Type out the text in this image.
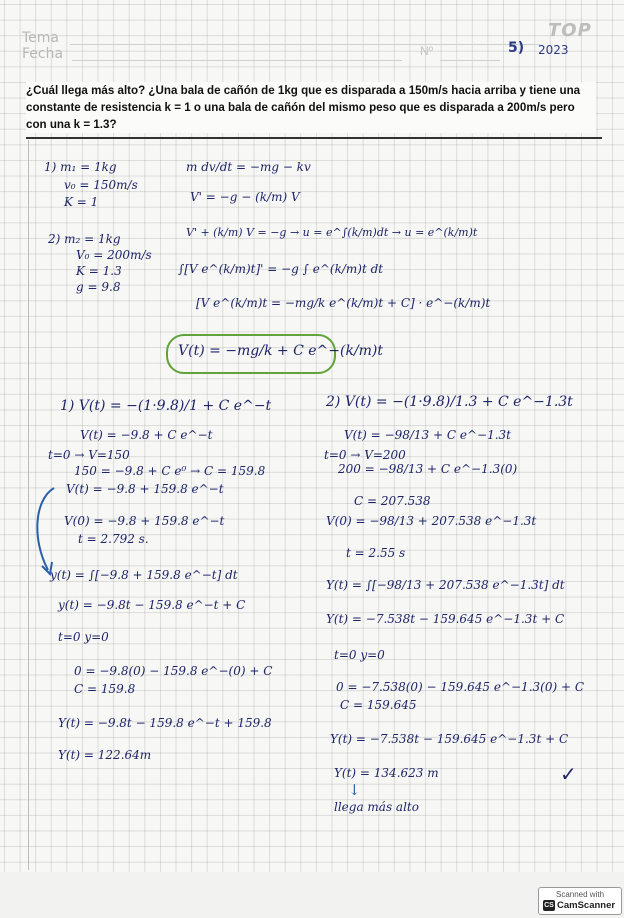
Tema
Fecha
TOP
Nº	5) 2023

¿Cuál llega más alto? ¿Una bala de cañón de 1kg que es disparada a 150m/s hacia arriba y tiene una constante de resistencia k = 1 o una bala de cañón del mismo peso que es disparada a 200m/s pero con una k = 1.3?

1) m₁ = 1kg
v₀ = 150m/s
K = 1
2) m₂ = 1kg
V₀ = 200m/s
K = 1.3
g = 9.8
m dv/dt = −mg − kv
V' = −g − (k/m) V
V' + (k/m) V = −g → u = e^∫(k/m)dt → u = e^(k/m)t
∫[V e^(k/m)t]' = −g ∫ e^(k/m)t dt
[V e^(k/m)t = −mg/k e^(k/m)t + C] · e^−(k/m)t
V(t) = −mg/k + C e^−(k/m)t
1) V(t) = −(1·9.8)/1 + C e^−t
V(t) = −9.8 + C e^−t
t=0 → V=150
150 = −9.8 + C e⁰ → C = 159.8
V(t) = −9.8 + 159.8 e^−t
V(0) = −9.8 + 159.8 e^−t
t = 2.792 s.
y(t) = ∫[−9.8 + 159.8 e^−t] dt
y(t) = −9.8t − 159.8 e^−t + C
t=0 y=0
0 = −9.8(0) − 159.8 e^−(0) + C
C = 159.8
Y(t) = −9.8t − 159.8 e^−t + 159.8
Y(t) = 122.64m
2) V(t) = −(1·9.8)/1.3 + C e^−1.3t
V(t) = −98/13 + C e^−1.3t
t=0 → V=200
200 = −98/13 + C e^−1.3(0)
C = 207.538
V(0) = −98/13 + 207.538 e^−1.3t
t = 2.55 s
Y(t) = ∫[−98/13 + 207.538 e^−1.3t] dt
Y(t) = −7.538t − 159.645 e^−1.3t + C
t=0 y=0
0 = −7.538(0) − 159.645 e^−1.3(0) + C
C = 159.645
Y(t) = −7.538t − 159.645 e^−1.3t + C
Y(t) = 134.623 m
↓
llega más alto
✓
Scanned with
CS CamScanner
